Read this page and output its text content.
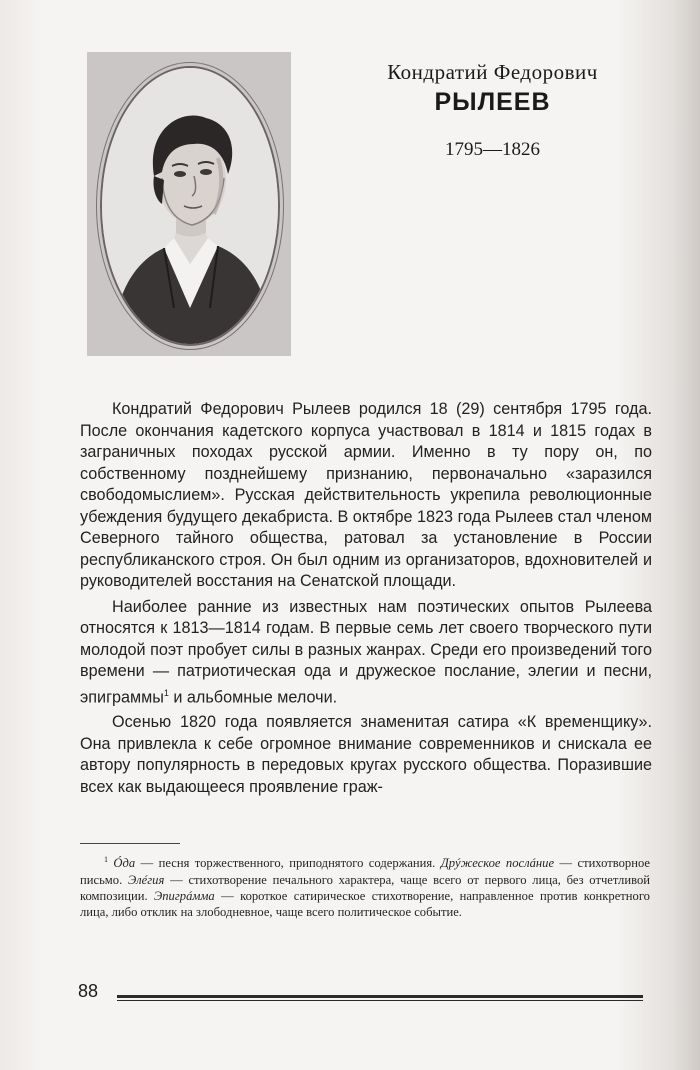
Кондратий Федорович
РЫЛЕЕВ
1795—1826

Кондратий Федорович Рылеев родился 18 (29) сентября 1795 года. После окончания кадетского корпуса участвовал в 1814 и 1815 годах в заграничных походах русской армии. Именно в ту пору он, по собственному позднейшему признанию, первоначально «заразился свободомыслием». Русская действительность укрепила революционные убеждения будущего декабриста. В октябре 1823 года Рылеев стал членом Северного тайного общества, ратовал за установление в России республиканского строя. Он был одним из организаторов, вдохновителей и руководителей восстания на Сенатской площади.

Наиболее ранние из известных нам поэтических опытов Рылеева относятся к 1813—1814 годам. В первые семь лет своего творческого пути молодой поэт пробует силы в разных жанрах. Среди его произведений того времени — патриотическая ода и дружеское послание, элегии и песни, эпиграммы$^1$ и альбомные мелочи.

Осенью 1820 года появляется знаменитая сатира «К временщику». Она привлекла к себе огромное внимание современников и снискала ее автору популярность в передовых кругах русского общества. Поразившие всех как выдающееся проявление граж-

$^1$ Óда — песня торжественного, приподнятого содержания. Дрýжеское послáние — стихотворное письмо. Элéгия — стихотворение печального характера, чаще всего от первого лица, без отчетливой композиции. Эпигрáмма — короткое сатирическое стихотворение, направленное против конкретного лица, либо отклик на злободневное, чаще всего политическое событие.

88
